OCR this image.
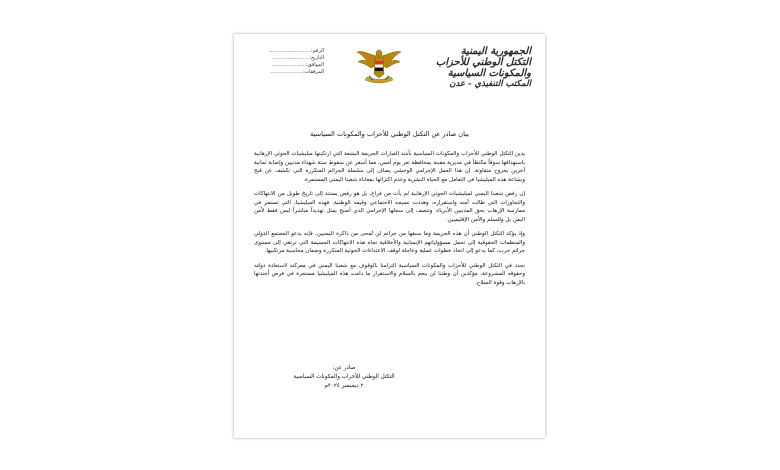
الجمهورية اليمنية
التكتل الوطني للأحزاب
والمكونات السياسية
المكتب التنفيذي - عدن
الرقم:..........................
التاريخ:.......................
الموافق:.....................
المرفقات:....................
بيان صادر عن التكتل الوطني للأحزاب والمكونات السياسية

يدين التكتل الوطني للأحزاب والمكونات السياسية بأشد العبارات الجريمة البشعة التي ارتكبتها ميليشيات الحوثي الإرهابية باستهدافها سوقاً مكتظاً في مديرية مقبنة بمحافظة تعز يوم أمس، مما أسفر عن سقوط ستة شهداء مدنيين وإصابة ثمانية آخرين بجروح متفاوتة. إن هذا العمل الإجرامي الوحشي يضاف إلى سلسلة الجرائم المتكررة التي تكشف عن قبح وبشاعة هذه الميليشيا في التعامل مع الحياة البشرية وعدم اكتراثها بمعاناة شعبنا اليمني المستمرة.

إن رفض شعبنا اليمني لميليشيات الحوثي الإرهابية لم يأت من فراغ، بل هو رفض يستند إلى تاريخ طويل من الانتهاكات والتجاوزات التي طالت أمنه واستقراره، وهددت نسيجه الاجتماعي وقيمه الوطنية. فهذه الميليشيا، التي تستمر في ممارسة الإرهاب بحق المدنيين الأبرياء، وتتصف إلى سجلها الإجرامي الذي أصبح يمثل تهديداً مباشراً ليس فقط لأمن اليمن بل وللسلم والأمن الإقليميين.

وإذ يؤكد التكتل الوطني أن هذه الجريمة وما سبقها من جرائم لن تُمحى من ذاكرة اليمنيين، فإنه يدعو المجتمع الدولي والمنظمات الحقوقية إلى تحمل مسؤولياتهم الإنسانية والأخلاقية تجاه هذه الانتهاكات الجسيمة التي ترتقي إلى مستوى جرائم حرب، كما يدعو إلى اتخاذ خطوات عملية وعاجلة لوقف الاعتداءات الحوثية المتكررة وضمان محاسبة مرتكبيها.

نجدد في التكتل الوطني للأحزاب والمكونات السياسية التزامنا بالوقوف مع شعبنا اليمني في معركته لاستعادة دولته وحقوقه المشروعة، مؤكدين أن وطننا لن ينعم بالسلام والاستقرار ما دامت هذه الميليشيا مستمرة في فرض أجندتها بالإرهاب وقوة السلاح.

صادر عن:
التكتل الوطني للأحزاب والمكونات السياسية
٢ ديسمبر ٢٠٢٤م
